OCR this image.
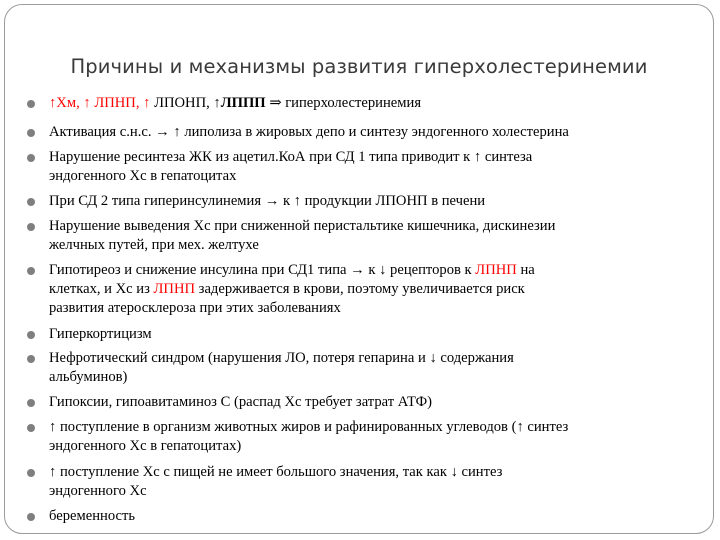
Причины и механизмы развития гиперхолестеринемии
↑Хм, ↑ ЛПНП, ↑ ЛПОНП, ↑ЛППП ⇒ гиперхолестеринемия
Активация с.н.с. → ↑ липолиза в жировых депо и синтезу эндогенного холестерина
Нарушение ресинтеза ЖК из ацетил.КоА при СД 1 типа приводит к ↑ синтеза
эндогенного Хс в гепатоцитах
При СД 2 типа гиперинсулинемия → к ↑ продукции ЛПОНП в печени
Нарушение выведения Хс при сниженной перистальтике кишечника, дискинезии
желчных путей, при мех. желтухе
Гипотиреоз и снижение инсулина при СД1 типа → к ↓ рецепторов к ЛПНП на
клетках, и Хс из ЛПНП задерживается в крови, поэтому увеличивается риск
развития атеросклероза при этих заболеваниях
Гиперкортицизм
Нефротический синдром (нарушения ЛО, потеря гепарина и ↓ содержания
альбуминов)
Гипоксии, гипоавитаминоз С (распад Хс требует затрат АТФ)
↑ поступление в организм животных жиров и рафинированных углеводов (↑ синтез
эндогенного Хс в гепатоцитах)
↑ поступление Хс с пищей не имеет большого значения, так как ↓ синтез
эндогенного Хс
беременность
